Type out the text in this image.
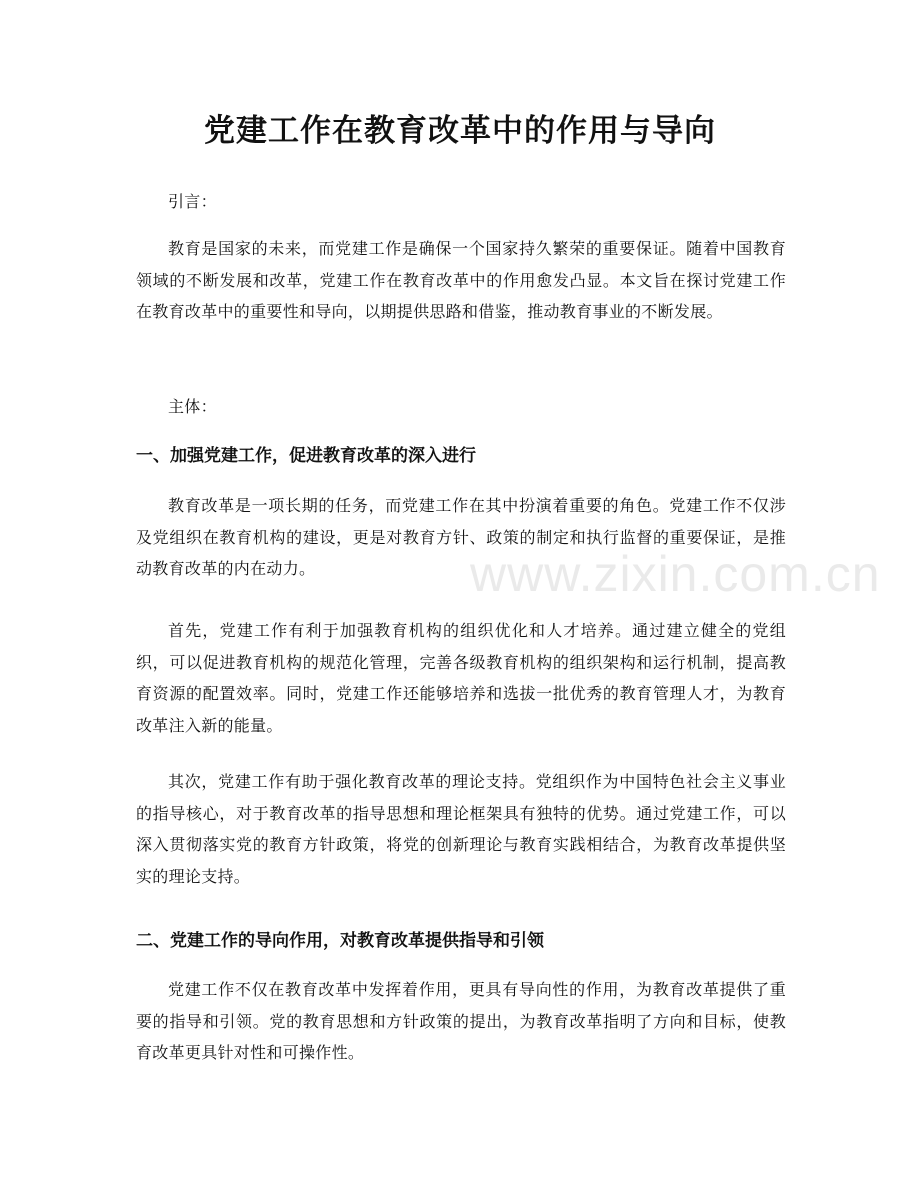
党建工作在教育改革中的作用与导向

引言：

教育是国家的未来，而党建工作是确保一个国家持久繁荣的重要保证。随着中国教育领域的不断发展和改革，党建工作在教育改革中的作用愈发凸显。本文旨在探讨党建工作在教育改革中的重要性和导向，以期提供思路和借鉴，推动教育事业的不断发展。

主体：

一、加强党建工作，促进教育改革的深入进行

教育改革是一项长期的任务，而党建工作在其中扮演着重要的角色。党建工作不仅涉及党组织在教育机构的建设，更是对教育方针、政策的制定和执行监督的重要保证，是推动教育改革的内在动力。

首先，党建工作有利于加强教育机构的组织优化和人才培养。通过建立健全的党组织，可以促进教育机构的规范化管理，完善各级教育机构的组织架构和运行机制，提高教育资源的配置效率。同时，党建工作还能够培养和选拔一批优秀的教育管理人才，为教育改革注入新的能量。

其次，党建工作有助于强化教育改革的理论支持。党组织作为中国特色社会主义事业的指导核心，对于教育改革的指导思想和理论框架具有独特的优势。通过党建工作，可以深入贯彻落实党的教育方针政策，将党的创新理论与教育实践相结合，为教育改革提供坚实的理论支持。

二、党建工作的导向作用，对教育改革提供指导和引领

党建工作不仅在教育改革中发挥着作用，更具有导向性的作用，为教育改革提供了重要的指导和引领。党的教育思想和方针政策的提出，为教育改革指明了方向和目标，使教育改革更具针对性和可操作性。

www.zixin.com.cn
